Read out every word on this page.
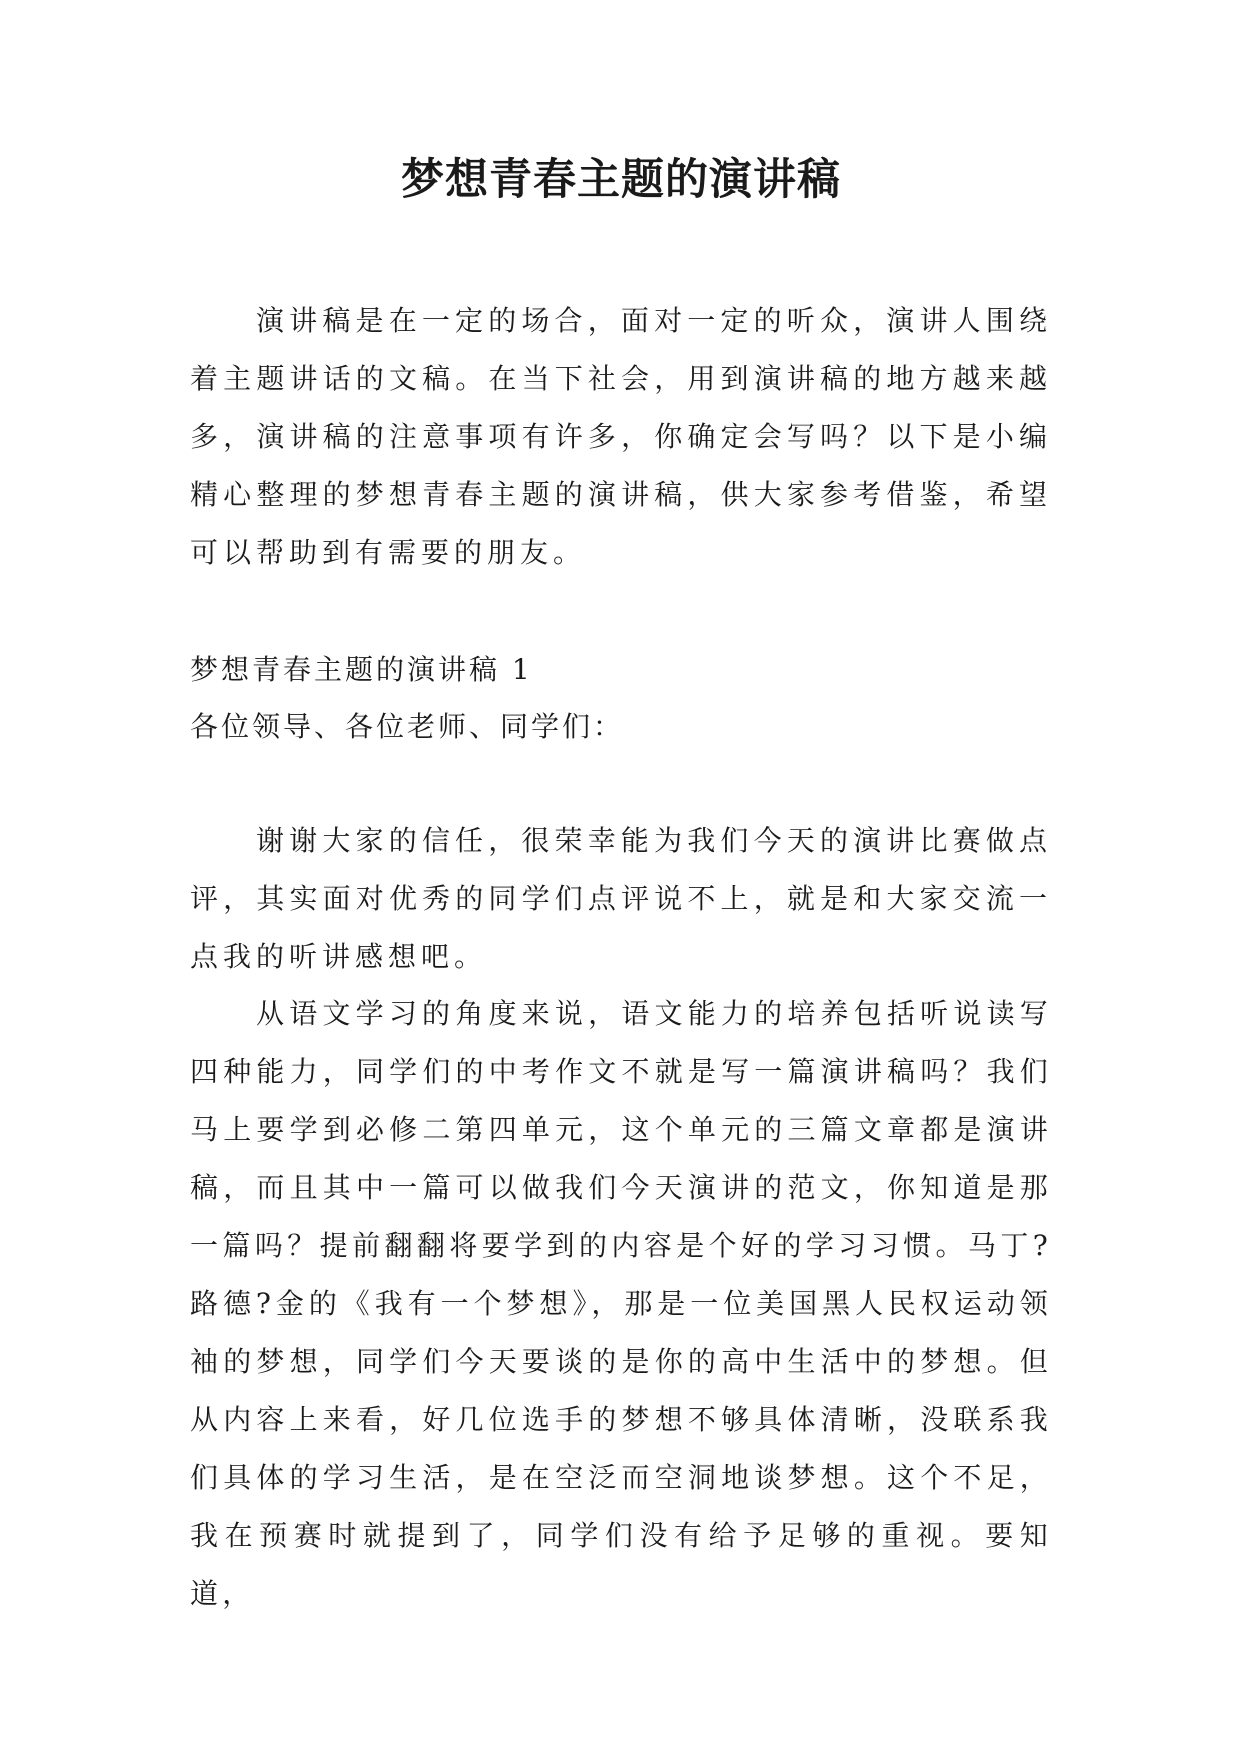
梦想青春主题的演讲稿

演讲稿是在一定的场合，面对一定的听众，演讲人围绕着主题讲话的文稿。在当下社会，用到演讲稿的地方越来越多，演讲稿的注意事项有许多，你确定会写吗？以下是小编精心整理的梦想青春主题的演讲稿，供大家参考借鉴，希望可以帮助到有需要的朋友。

梦想青春主题的演讲稿 1

各位领导、各位老师、同学们：

谢谢大家的信任，很荣幸能为我们今天的演讲比赛做点评，其实面对优秀的同学们点评说不上，就是和大家交流一点我的听讲感想吧。

从语文学习的角度来说，语文能力的培养包括听说读写四种能力，同学们的中考作文不就是写一篇演讲稿吗？我们马上要学到必修二第四单元，这个单元的三篇文章都是演讲稿，而且其中一篇可以做我们今天演讲的范文，你知道是那一篇吗？提前翻翻将要学到的内容是个好的学习习惯。马丁?路德?金的《我有一个梦想》，那是一位美国黑人民权运动领袖的梦想，同学们今天要谈的是你的高中生活中的梦想。但从内容上来看，好几位选手的梦想不够具体清晰，没联系我们具体的学习生活，是在空泛而空洞地谈梦想。这个不足，我在预赛时就提到了，同学们没有给予足够的重视。要知道，
